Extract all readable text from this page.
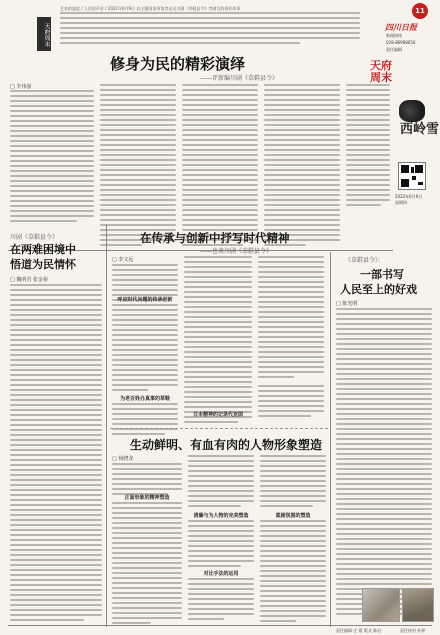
天府周末
艺术的温度 / 人民的声音 / 2022年6月9日 以主题阅读带读者走近川剧《草鞋县令》等剧目的创作故事	11
四川日报
新闻热线
028-86968050
责任编辑
天府周末
西岭雪
2022年6月9日
星期四
修身为民的精彩演绎
——评新编川剧《草鞋县令》
□ 李伟强
川剧《草鞋县令》
在两难困境中
悟道为民情怀
□ 魏明君 张金菊
在传承与创新中抒写时代精神
——也谈川剧《草鞋县令》
□ 李文远
呼应时代问题的传承创新
为老百姓办真事的草鞋
日本精神的记录代亚面
《草鞋县令》：
一部书写
人民至上的好戏
□ 陈光明
生动鲜明、有血有肉的人物形象塑造
□ 杨晓龙
正面形象的精神塑造
清廉与为人物的完美塑造
对比手法的运用
喜剧氛围的塑造
责任编辑 庄 霞 版式 陈启	责任校对 杜婷
